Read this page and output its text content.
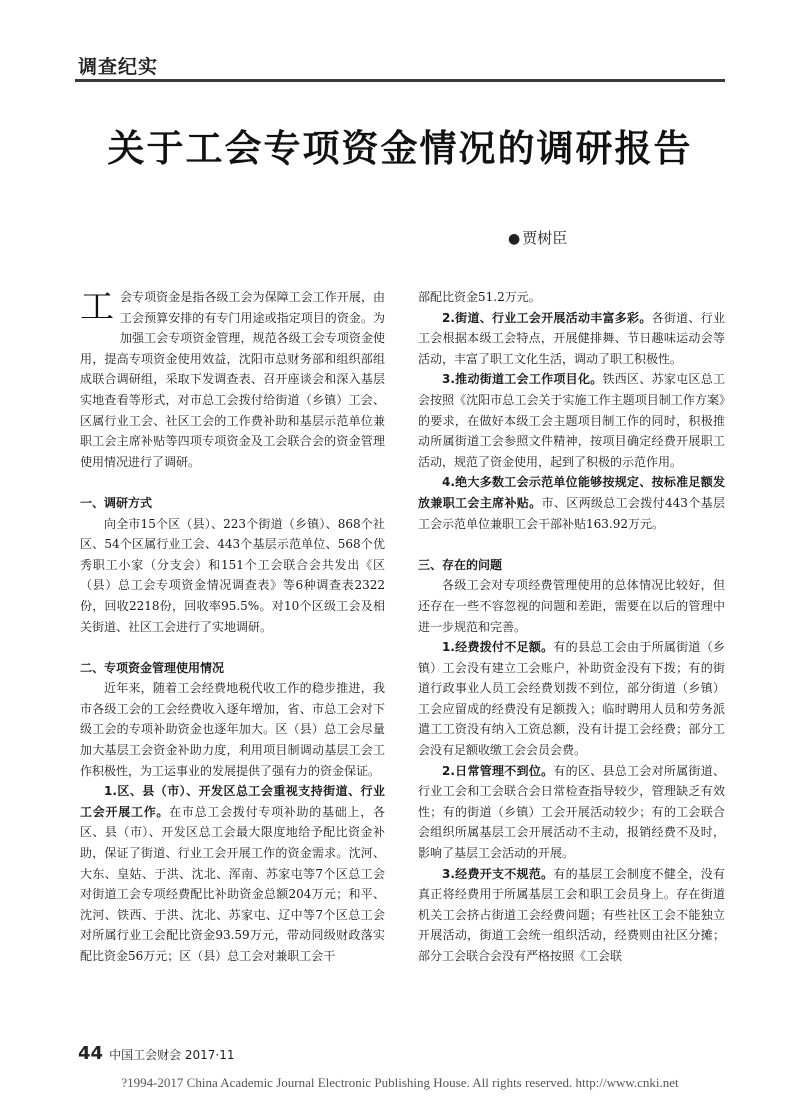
调查纪实
关于工会专项资金情况的调研报告
● 贾树臣
工 会专项资金是指各级工会为保障工会工作开展，由工会预算安排的有专门用途或指定项目的资金。为加强工会专项资金管理，规范各级工会专项资金使用，提高专项资金使用效益，沈阳市总财务部和组织部组成联合调研组，采取下发调查表、召开座谈会和深入基层实地查看等形式，对市总工会拨付给街道（乡镇）工会、区属行业工会、社区工会的工作费补助和基层示范单位兼职工会主席补贴等四项专项资金及工会联合会的资金管理使用情况进行了调研。

一、调研方式

向全市15个区（县）、223个街道（乡镇）、868个社区、54个区属行业工会、443个基层示范单位、568个优秀职工小家（分支会）和151个工会联合会共发出《区（县）总工会专项资金情况调查表》等6种调查表2322份，回收2218份，回收率95.5%。对10个区级工会及相关街道、社区工会进行了实地调研。

二、专项资金管理使用情况

近年来，随着工会经费地税代收工作的稳步推进，我市各级工会的工会经费收入逐年增加，省、市总工会对下级工会的专项补助资金也逐年加大。区（县）总工会尽量加大基层工会资金补助力度，利用项目制调动基层工会工作积极性，为工运事业的发展提供了强有力的资金保证。

1.区、县（市）、开发区总工会重视支持街道、行业工会开展工作。在市总工会拨付专项补助的基础上，各区、县（市）、开发区总工会最大限度地给予配比资金补助，保证了街道、行业工会开展工作的资金需求。沈河、大东、皇姑、于洪、沈北、浑南、苏家屯等7个区总工会对街道工会专项经费配比补助资金总额204万元；和平、沈河、铁西、于洪、沈北、苏家屯、辽中等7个区总工会对所属行业工会配比资金93.59万元，带动同级财政落实配比资金56万元；区（县）总工会对兼职工会干

部配比资金51.2万元。

2.街道、行业工会开展活动丰富多彩。各街道、行业工会根据本级工会特点，开展健排舞、节日趣味运动会等活动，丰富了职工文化生活，调动了职工积极性。

3.推动街道工会工作项目化。铁西区、苏家屯区总工会按照《沈阳市总工会关于实施工作主题项目制工作方案》的要求，在做好本级工会主题项目制工作的同时，积极推动所属街道工会参照文件精神，按项目确定经费开展职工活动，规范了资金使用，起到了积极的示范作用。

4.绝大多数工会示范单位能够按规定、按标准足额发放兼职工会主席补贴。市、区两级总工会拨付443个基层工会示范单位兼职工会干部补贴163.92万元。

三、存在的问题

各级工会对专项经费管理使用的总体情况比较好，但还存在一些不容忽视的问题和差距，需要在以后的管理中进一步规范和完善。

1.经费拨付不足额。有的县总工会由于所属街道（乡镇）工会没有建立工会账户，补助资金没有下拨；有的街道行政事业人员工会经费划拨不到位，部分街道（乡镇）工会应留成的经费没有足额拨入；临时聘用人员和劳务派遣工工资没有纳入工资总额，没有计提工会经费；部分工会没有足额收缴工会会员会费。

2.日常管理不到位。有的区、县总工会对所属街道、行业工会和工会联合会日常检查指导较少，管理缺乏有效性；有的街道（乡镇）工会开展活动较少；有的工会联合会组织所属基层工会开展活动不主动，报销经费不及时，影响了基层工会活动的开展。

3.经费开支不规范。有的基层工会制度不健全，没有真正将经费用于所属基层工会和职工会员身上。存在街道机关工会挤占街道工会经费问题；有些社区工会不能独立开展活动，街道工会统一组织活动，经费则由社区分摊；部分工会联合会没有严格按照《工会联

44 中国工会财会 2017·11
?1994-2017 China Academic Journal Electronic Publishing House. All rights reserved. http://www.cnki.net
